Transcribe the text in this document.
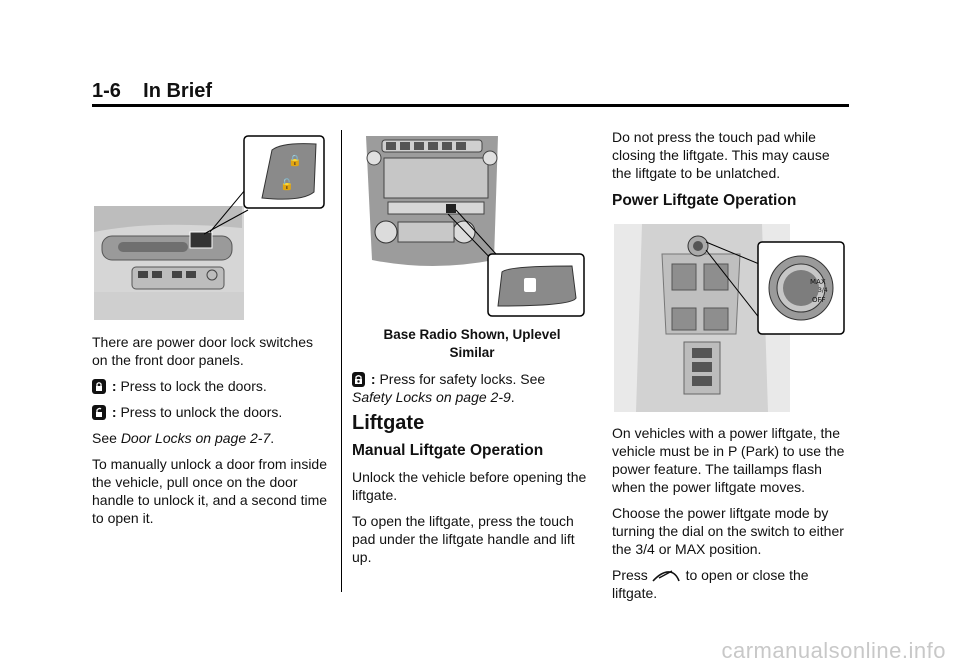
1-6 In Brief
🔒
🔓

There are power door lock switches on the front door panels.

: Press to lock the doors.

: Press to unlock the doors.

See Door Locks on page 2-7.

To manually unlock a door from inside the vehicle, pull once on the door handle to unlock it, and a second time to open it.

Base Radio Shown, Uplevel
Similar

: Press for safety locks. See
Safety Locks on page 2-9.

Liftgate
Manual Liftgate Operation

Unlock the vehicle before opening the liftgate.

To open the liftgate, press the touch pad under the liftgate handle and lift up.

Do not press the touch pad while closing the liftgate. This may cause the liftgate to be unlatched.

Power Liftgate Operation
MAX
3/4
OFF

On vehicles with a power liftgate, the vehicle must be in P (Park) to use the power feature. The taillamps flash when the power liftgate moves.

Choose the power liftgate mode by turning the dial on the switch to either the 3/4 or MAX position.

Press	to open or close the liftgate.

carmanualsonline.info
